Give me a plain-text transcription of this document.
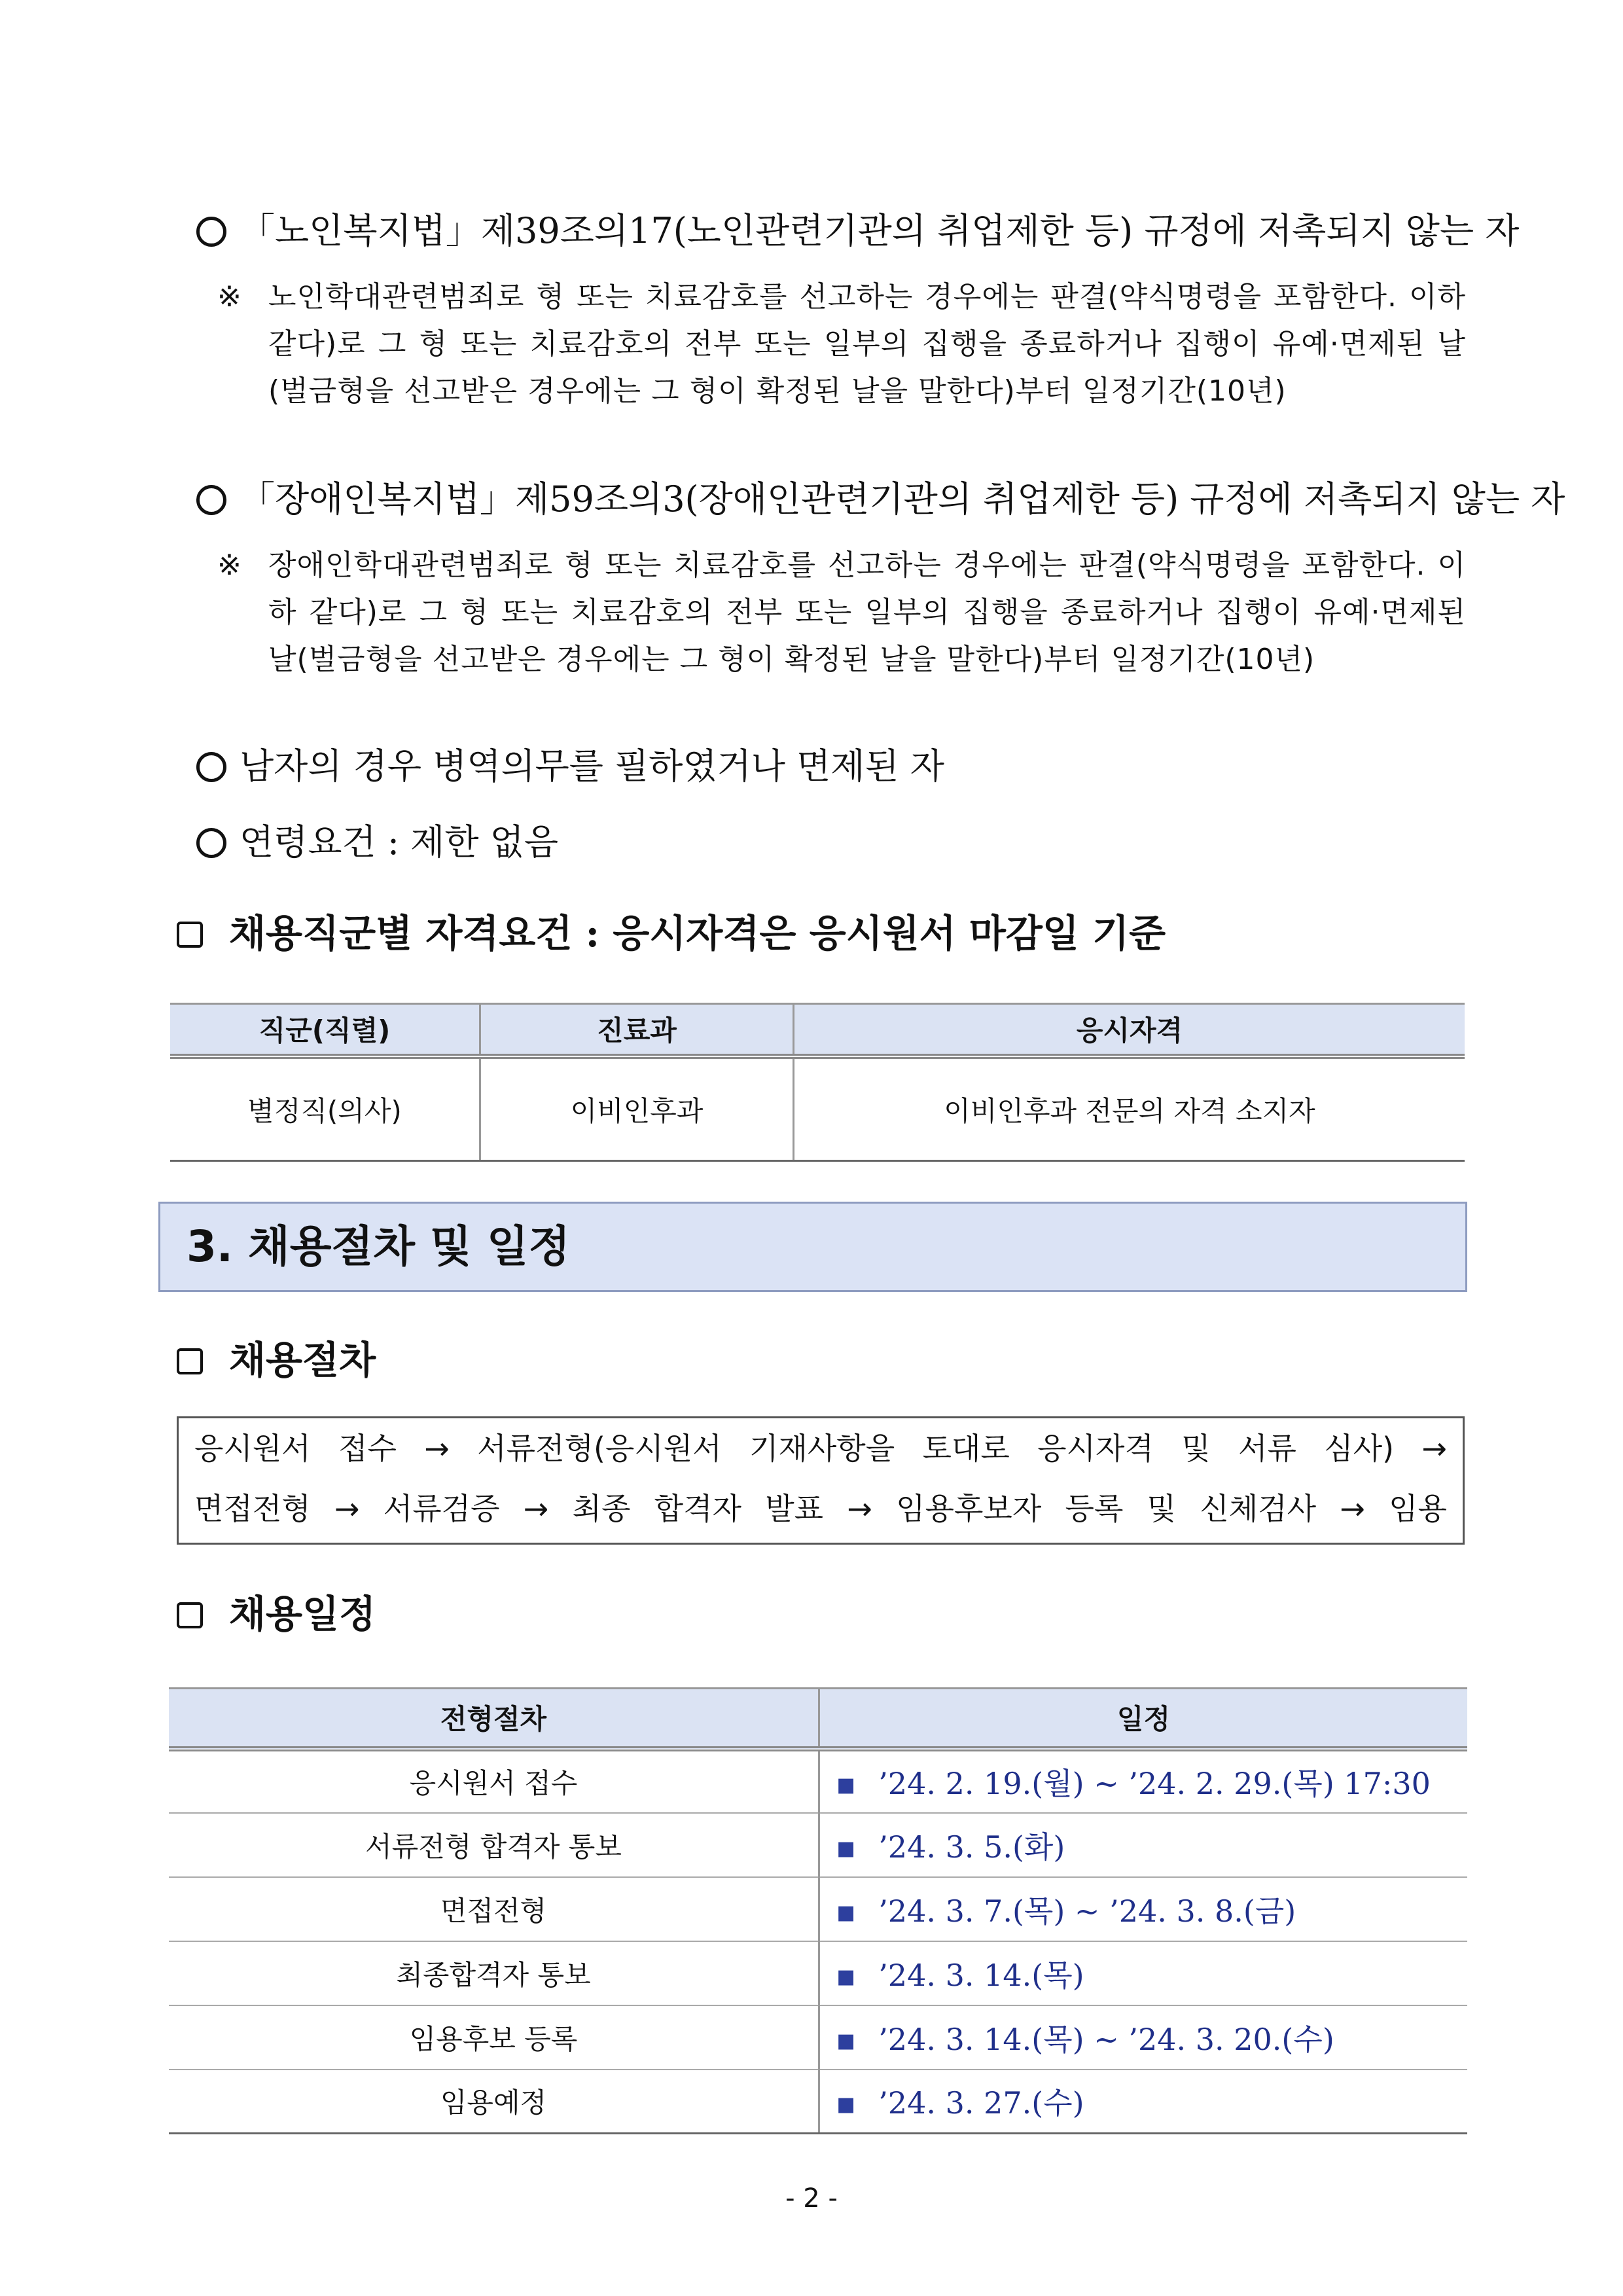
「노인복지법」제39조의17(노인관련기관의 취업제한 등) 규정에 저촉되지 않는 자
※ 노인학대관련범죄로 형 또는 치료감호를 선고하는 경우에는 판결(약식명령을 포함한다. 이하 같다)로 그 형 또는 치료감호의 전부 또는 일부의 집행을 종료하거나 집행이 유예·면제된 날(벌금형을 선고받은 경우에는 그 형이 확정된 날을 말한다)부터 일정기간(10년)
「장애인복지법」제59조의3(장애인관련기관의 취업제한 등) 규정에 저촉되지 않는 자
※ 장애인학대관련범죄로 형 또는 치료감호를 선고하는 경우에는 판결(약식명령을 포함한다. 이하 같다)로 그 형 또는 치료감호의 전부 또는 일부의 집행을 종료하거나 집행이 유예·면제된 날(벌금형을 선고받은 경우에는 그 형이 확정된 날을 말한다)부터 일정기간(10년)
남자의 경우 병역의무를 필하였거나 면제된 자
연령요건 : 제한 없음
채용직군별 자격요건 : 응시자격은 응시원서 마감일 기준
직군(직렬)	진료과	응시자격
별정직(의사)	이비인후과	이비인후과 전문의 자격 소지자
3. 채용절차 및 일정
채용절차
응시원서 접수 → 서류전형(응시원서 기재사항을 토대로 응시자격 및 서류 심사) →
면접전형 → 서류검증 → 최종 합격자 발표 → 임용후보자 등록 및 신체검사 → 임용
채용일정
전형절차	일정
응시원서 접수	▪ ’24. 2. 19.(월) ~ ’24. 2. 29.(목) 17:30
서류전형 합격자 통보	▪ ’24. 3. 5.(화)
면접전형	▪ ’24. 3. 7.(목) ~ ’24. 3. 8.(금)
최종합격자 통보	▪ ’24. 3. 14.(목)
임용후보 등록	▪ ’24. 3. 14.(목) ~ ’24. 3. 20.(수)
임용예정	▪ ’24. 3. 27.(수)
- 2 -
